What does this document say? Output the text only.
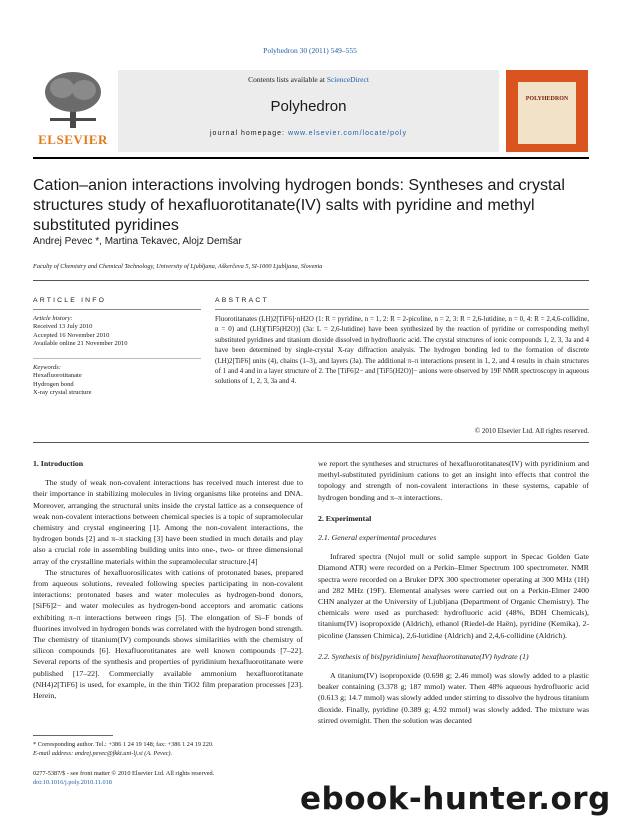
Polyhedron 30 (2011) 549–555
ELSEVIER
Contents lists available at ScienceDirect
Polyhedron
journal homepage: www.elsevier.com/locate/poly
POLYHEDRON
Cation–anion interactions involving hydrogen bonds: Syntheses and crystal structures study of hexafluorotitanate(IV) salts with pyridine and methyl substituted pyridines
Andrej Pevec *, Martina Tekavec, Alojz Demšar
Faculty of Chemistry and Chemical Technology, University of Ljubljana, Aškerčeva 5, SI-1000 Ljubljana, Slovenia
ARTICLE INFO
Article history:
Received 13 July 2010
Accepted 16 November 2010
Available online 21 November 2010
Keywords:
Hexafluorotitanate
Hydrogen bond
X-ray crystal structure
ABSTRACT
Fluorotitanates (LH)2[TiF6]·nH2O (1: R = pyridine, n = 1, 2: R = 2-picoline, n = 2, 3: R = 2,6-lutidine, n = 0, 4: R = 2,4,6-collidine, n = 0) and (LH)[TiF5(H2O)] (3a: L = 2,6-lutidine) have been synthesized by the reaction of pyridine or corresponding methyl substituted pyridines and titanium dioxide dissolved in hydrofluoric acid. The crystal structures of ionic compounds 1, 2, 3, 3a and 4 have been determined by single-crystal X-ray diffraction analysis. The hydrogen bonding led to the formation of discrete (LH)2[TiF6] units (4), chains (1–3), and layers (3a). The additional π–π interactions present in 1, 2, and 4 results in chain structures of 1 and 4 and in a layer structure of 2. The [TiF6]2− and [TiF5(H2O)]− anions were observed by 19F NMR spectroscopy in aqueous solutions of 1, 2, 3, 3a and 4.
© 2010 Elsevier Ltd. All rights reserved.
1. Introduction

The study of weak non-covalent interactions has received much interest due to their importance in stabilizing molecules in living organisms like proteins and DNA. Moreover, arranging the structural units inside the crystal lattice as a consequence of weak non-covalent interactions between chemical species is a topic of supramolecular chemistry and crystal engineering [1]. Among the non-covalent interactions, the hydrogen bonds [2] and π–π stacking [3] have been studied in much details and play also a crucial role in assembling building units into one-, two- or three dimensional array of the crystalline materials within the supramolecular structure.[4]

The structures of hexafluorosilicates with cations of protonated bases, prepared from aqueous solutions, revealed following species participating in non-covalent interactions: protonated bases and water molecules as hydrogen-bond donors, [SiF6]2− and water molecules as hydrogen-bond acceptors and aromatic cations exhibiting π–π interactions between rings [5]. The elongation of Si–F bonds of fluorines involved in hydrogen bonds was correlated with the hydrogen bond strength. The chemistry of titanium(IV) compounds shows similarities with the chemistry of silicon compounds [6]. Hexafluorotitanates are well known compounds [7–22]. Several reports of the synthesis and properties of pyridinium hexafluorotitanate were published [17–22]. Commercially available ammonium hexafluorotitanate (NH4)2[TiF6] is used, for example, in the thin TiO2 film preparation processes [23]. Herein,

we report the syntheses and structures of hexafluorotitanates(IV) with pyridinium and methyl-substituted pyridinium cations to get an insight into effects that control the topology and strength of non-covalent interactions in these systems, capable of hydrogen bonding and π–π interactions.

2. Experimental
2.1. General experimental procedures

Infrared spectra (Nujol mull or solid sample support in Specac Golden Gate Diamond ATR) were recorded on a Perkin–Elmer Spectrum 100 spectrometer. NMR spectra were recorded on a Bruker DPX 300 spectrometer operating at 300 MHz (1H) and 282 MHz (19F). Elemental analyses were carried out on a Perkin-Elmer 2400 CHN analyzer at the University of Ljubljana (Department of Organic Chemistry). The chemicals were used as purchased: hydrofluoric acid (48%, BDH Chemicals), titanium(IV) isopropoxide (Aldrich), ethanol (Riedel-de Haën), pyridine (Kemika), 2-picoline (Janssen Chimica), 2,6-lutidine (Aldrich) and 2,4,6-collidine (Aldrich).

2.2. Synthesis of bis[pyridinium] hexafluorotitanate(IV) hydrate (1)

A titanium(IV) isopropoxide (0.698 g; 2.46 mmol) was slowly added to a plastic beaker containing (3.378 g; 187 mmol) water. Then 48% aqueous hydrofluoric acid (0.613 g; 14.7 mmol) was slowly added under stirring to dissolve the hydrous titanium dioxide. Finally, pyridine (0.389 g; 4.92 mmol) was slowly added. The mixture was stirred overnight. Then the solution was decanted

* Corresponding author. Tel.: +386 1 24 19 148; fax: +386 1 24 19 220.
E-mail address: andrej.pevec@fkkt.uni-lj.si (A. Pevec).
0277-5387/$ - see front matter © 2010 Elsevier Ltd. All rights reserved.
doi:10.1016/j.poly.2010.11.018	ebook-hunter.org
